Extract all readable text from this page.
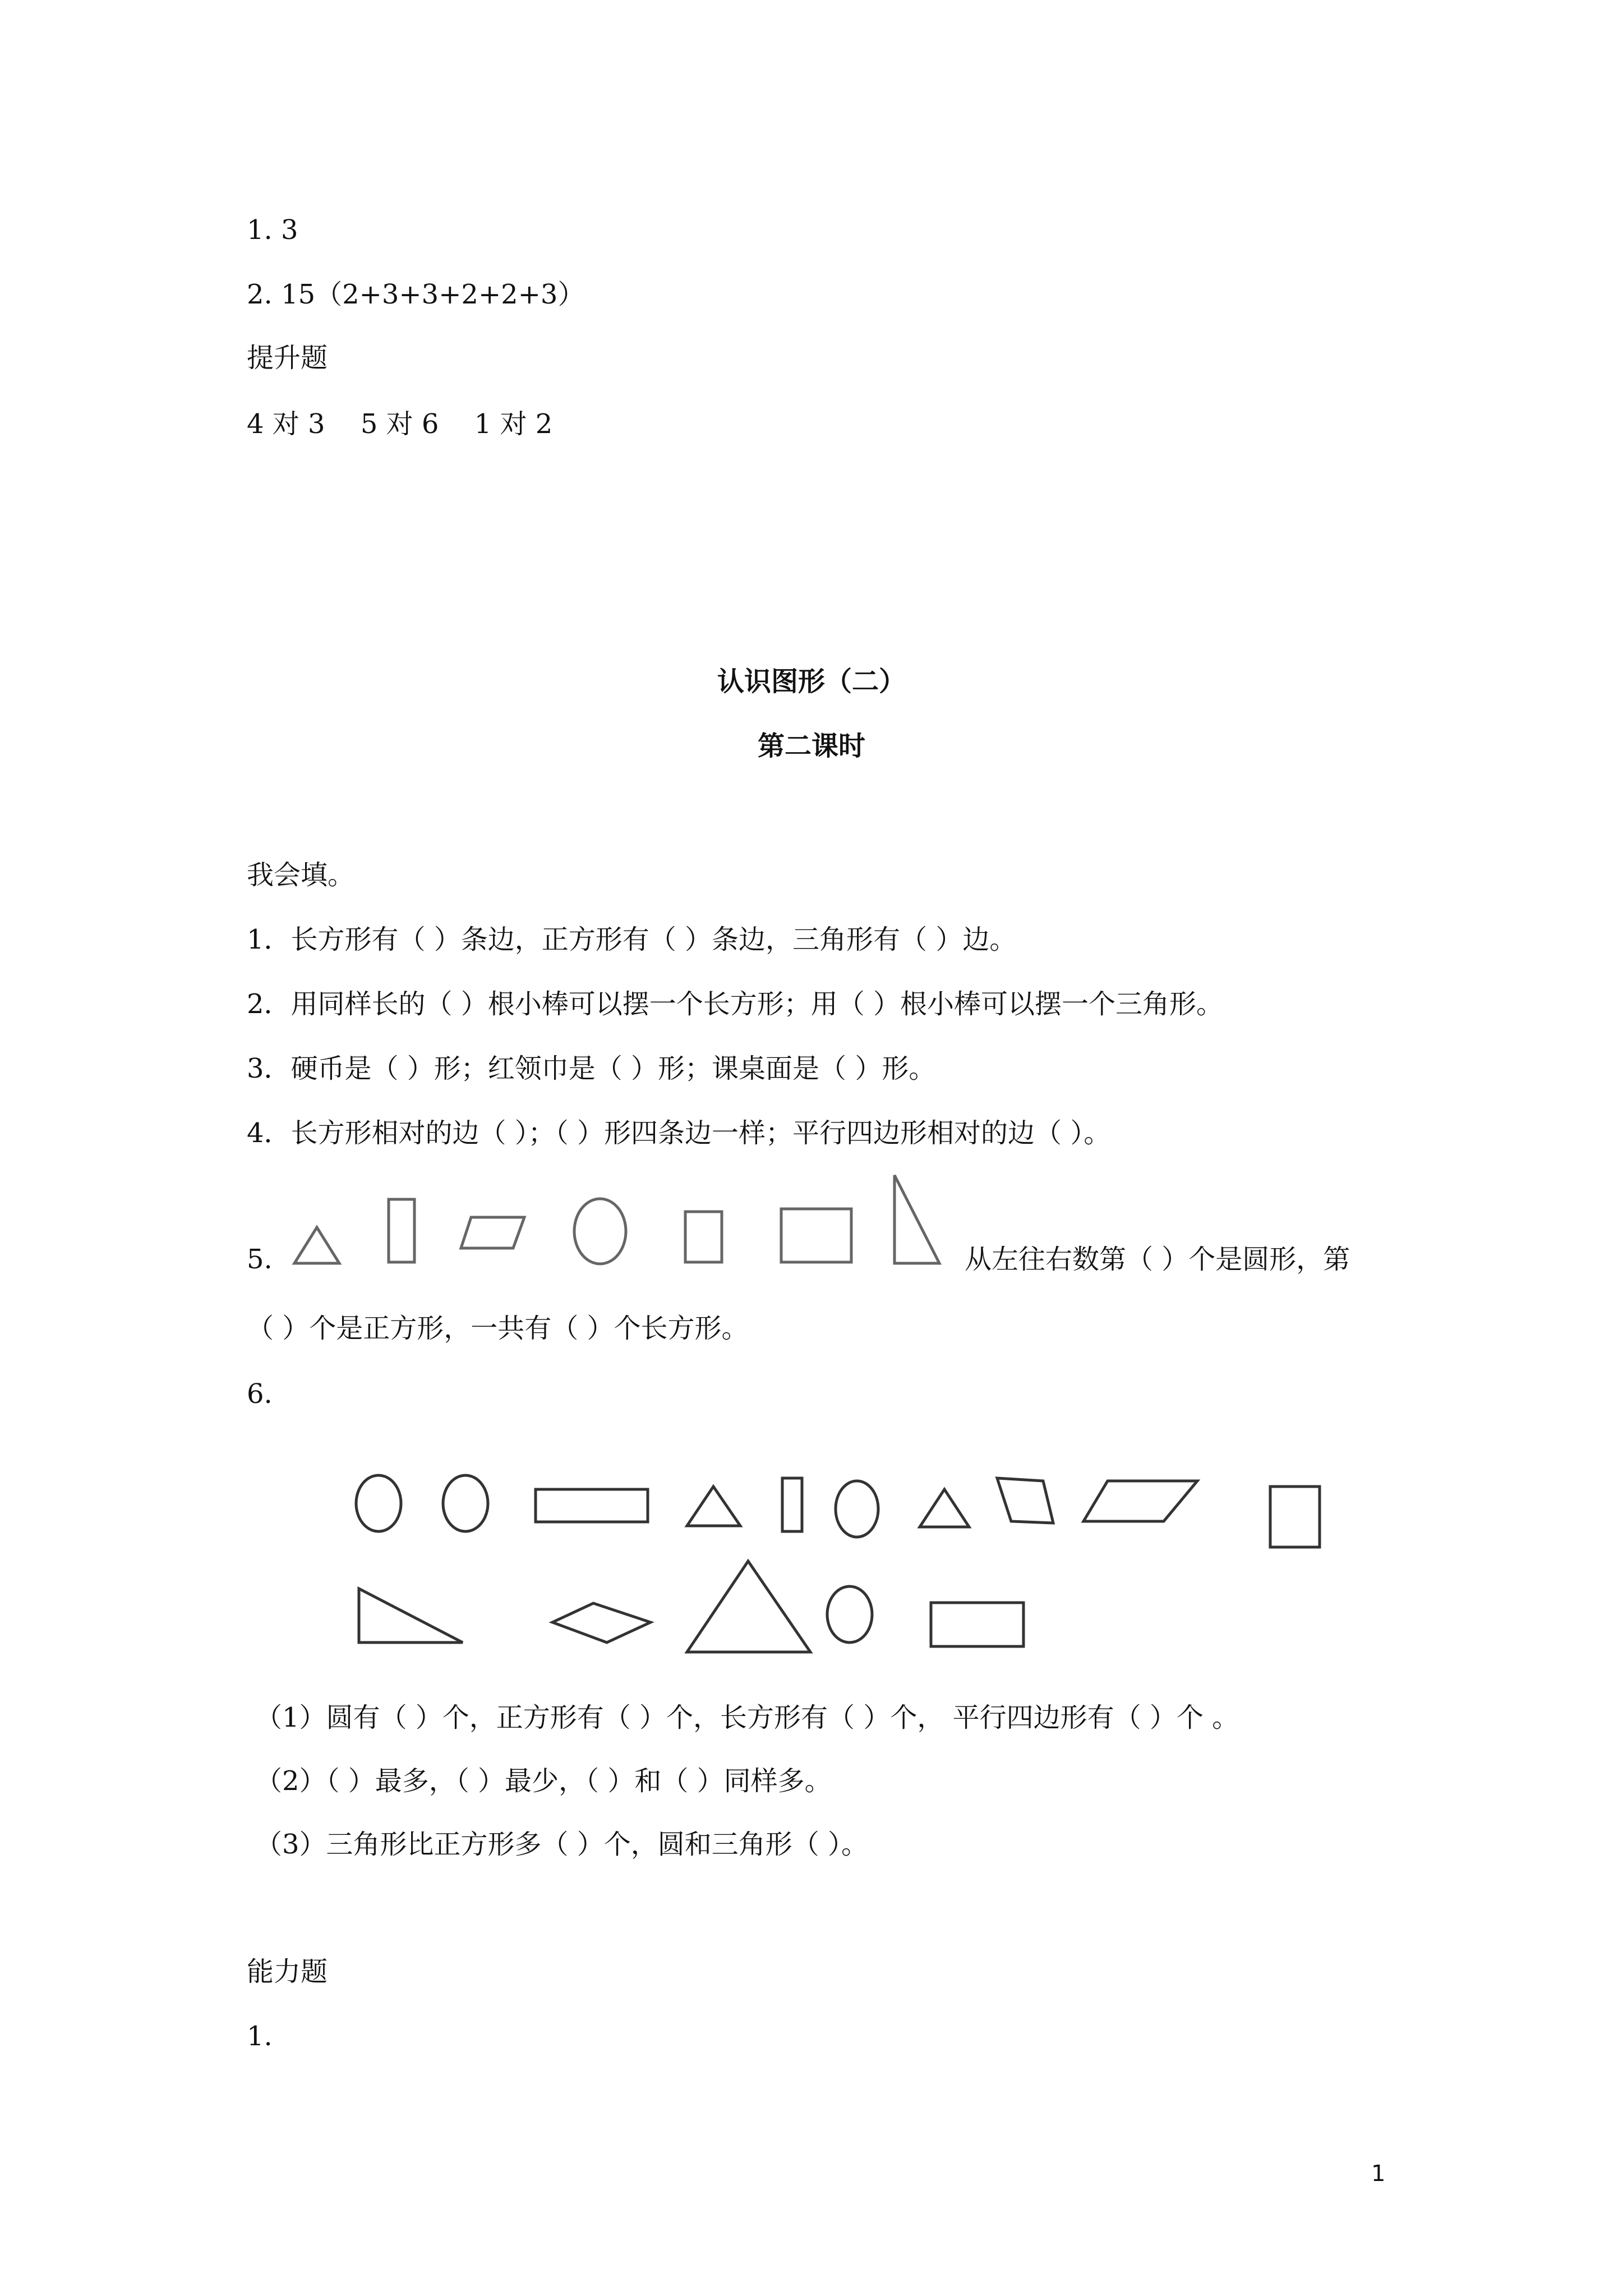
1. 3
2. 15（2+3+3+2+2+3）
提升题
4 对 3　 5 对 6　 1 对 2
认识图形（二）
第二课时
我会填。
1．长方形有（ ）条边，正方形有（ ）条边，三角形有（ ）边。
2．用同样长的（ ）根小棒可以摆一个长方形；用（ ）根小棒可以摆一个三角形。
3．硬币是（ ）形；红领巾是（ ）形；课桌面是（ ）形。
4．长方形相对的边（ ）；（ ）形四条边一样；平行四边形相对的边（ ）。
5.	从左往右数第（ ）个是圆形，第
（ ）个是正方形，一共有（ ）个长方形。
6.
（1）圆有（ ）个，正方形有（ ）个，长方形有（ ）个， 平行四边形有（ ）个 。
（2）（ ）最多，（ ）最少，（ ）和（ ）同样多。
（3）三角形比正方形多（ ）个，圆和三角形（ ）。
能力题
1.
1
